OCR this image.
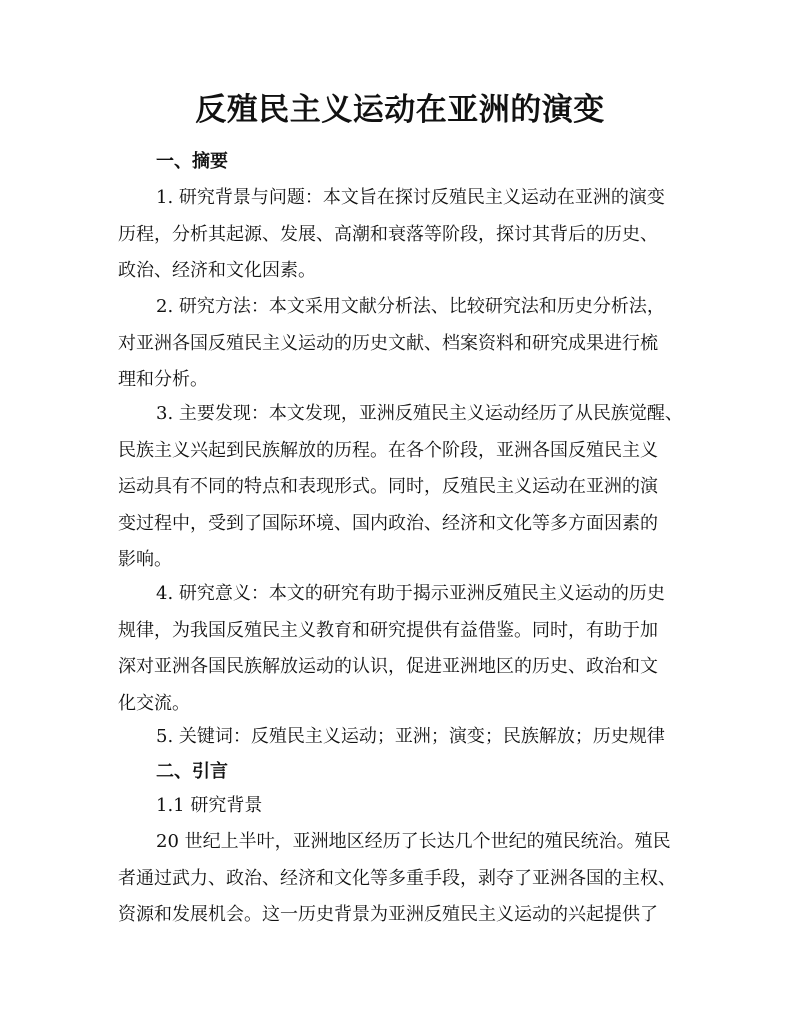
反殖民主义运动在亚洲的演变
一、摘要

1. 研究背景与问题：本文旨在探讨反殖民主义运动在亚洲的演变
历程，分析其起源、发展、高潮和衰落等阶段，探讨其背后的历史、
政治、经济和文化因素。

2. 研究方法：本文采用文献分析法、比较研究法和历史分析法，
对亚洲各国反殖民主义运动的历史文献、档案资料和研究成果进行梳
理和分析。

3. 主要发现：本文发现，亚洲反殖民主义运动经历了从民族觉醒、
民族主义兴起到民族解放的历程。在各个阶段，亚洲各国反殖民主义
运动具有不同的特点和表现形式。同时，反殖民主义运动在亚洲的演
变过程中，受到了国际环境、国内政治、经济和文化等多方面因素的
影响。

4. 研究意义：本文的研究有助于揭示亚洲反殖民主义运动的历史
规律，为我国反殖民主义教育和研究提供有益借鉴。同时，有助于加
深对亚洲各国民族解放运动的认识，促进亚洲地区的历史、政治和文
化交流。

5. 关键词：反殖民主义运动；亚洲；演变；民族解放；历史规律

二、引言

1.1 研究背景

20 世纪上半叶，亚洲地区经历了长达几个世纪的殖民统治。殖民
者通过武力、政治、经济和文化等多重手段，剥夺了亚洲各国的主权、
资源和发展机会。这一历史背景为亚洲反殖民主义运动的兴起提供了
